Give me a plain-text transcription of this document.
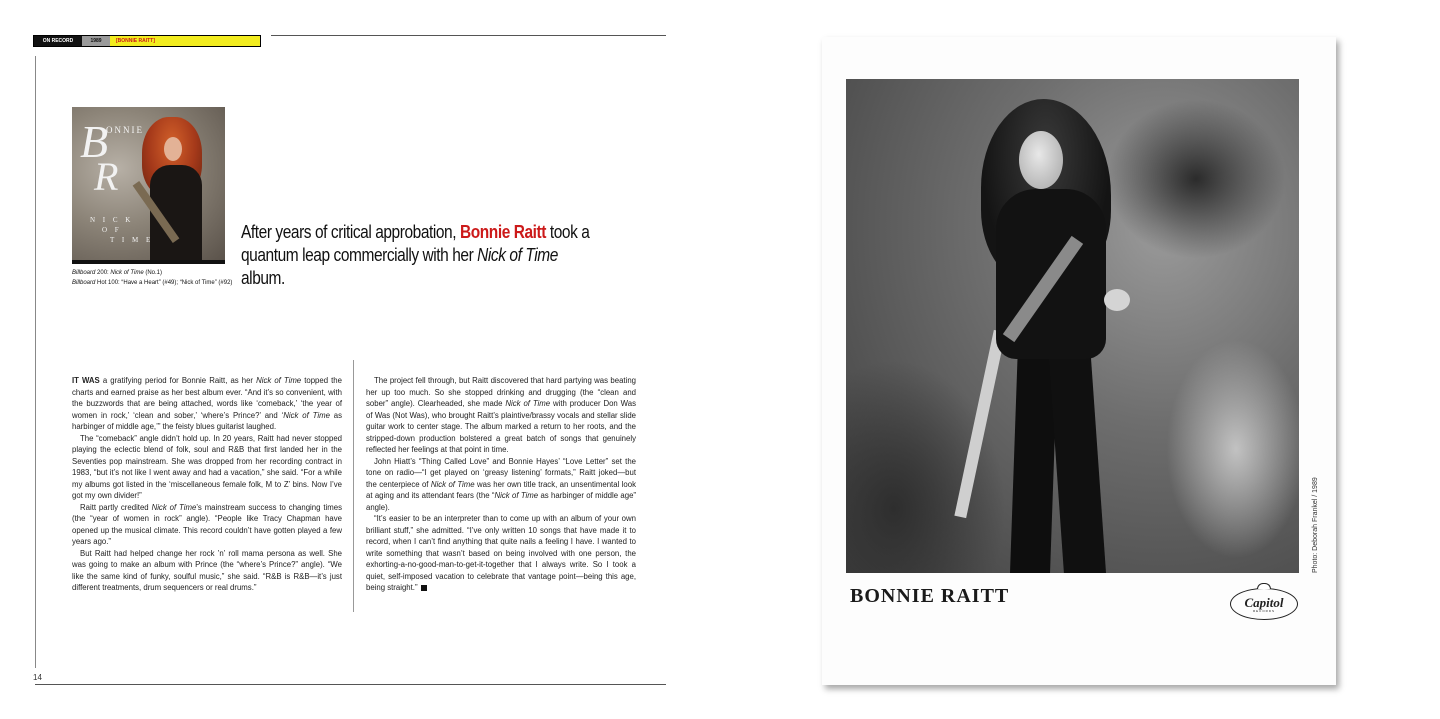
ON RECORD	1989	[BONNIE RAITT]
B
ONNIE
R
N I C K
O F
T I M E
Billboard 200: Nick of Time (No.1)
Billboard Hot 100: “Have a Heart” (#49); “Nick of Time” (#92)
After years of critical approbation, Bonnie Raitt took a quantum leap commercially with her Nick of Time album.

IT WAS a gratifying period for Bonnie Raitt, as her Nick of Time topped the charts and earned praise as her best album ever. “And it’s so convenient, with the buzzwords that are being attached, words like ‘comeback,’ ‘the year of women in rock,’ ‘clean and sober,’ ‘where’s Prince?’ and ‘Nick of Time as harbinger of middle age,’” the feisty blues guitarist laughed.

The “comeback” angle didn’t hold up. In 20 years, Raitt had never stopped playing the eclectic blend of folk, soul and R&B that first landed her in the Seventies pop mainstream. She was dropped from her recording contract in 1983, “but it’s not like I went away and had a vacation,” she said. “For a while my albums got listed in the ‘miscellaneous female folk, M to Z’ bins. Now I’ve got my own divider!”

Raitt partly credited Nick of Time’s mainstream success to changing times (the “year of women in rock” angle). “People like Tracy Chapman have opened up the musical climate. This record couldn’t have gotten played a few years ago.”

But Raitt had helped change her rock ’n’ roll mama persona as well. She was going to make an album with Prince (the “where’s Prince?” angle). “We like the same kind of funky, soulful music,” she said. “R&B is R&B—it’s just different treatments, drum sequencers or real drums.”

The project fell through, but Raitt discovered that hard partying was beating her up too much. So she stopped drinking and drugging (the “clean and sober” angle). Clearheaded, she made Nick of Time with producer Don Was of Was (Not Was), who brought Raitt’s plaintive/brassy vocals and stellar slide guitar work to center stage. The album marked a return to her roots, and the stripped-down production bolstered a great batch of songs that genuinely reflected her feelings at that point in time.

John Hiatt’s “Thing Called Love” and Bonnie Hayes’ “Love Letter” set the tone on radio—“I get played on ‘greasy listening’ formats,” Raitt joked—but the centerpiece of Nick of Time was her own title track, an unsentimental look at aging and its attendant fears (the “Nick of Time as harbinger of middle age” angle).

“It’s easier to be an interpreter than to come up with an album of your own brilliant stuff,” she admitted. “I’ve only written 10 songs that have made it to record, when I can’t find anything that quite nails a feeling I have. I wanted to write something that wasn’t based on being involved with one person, the exhorting-a-no-good-man-to-get-it-together that I always write. So I took a quiet, self-imposed vacation to celebrate that vantage point—being this age, being straight.”

14
Photo: Deborah Frankel / 1989
BONNIE RAITT	Capitol
RECORDS
